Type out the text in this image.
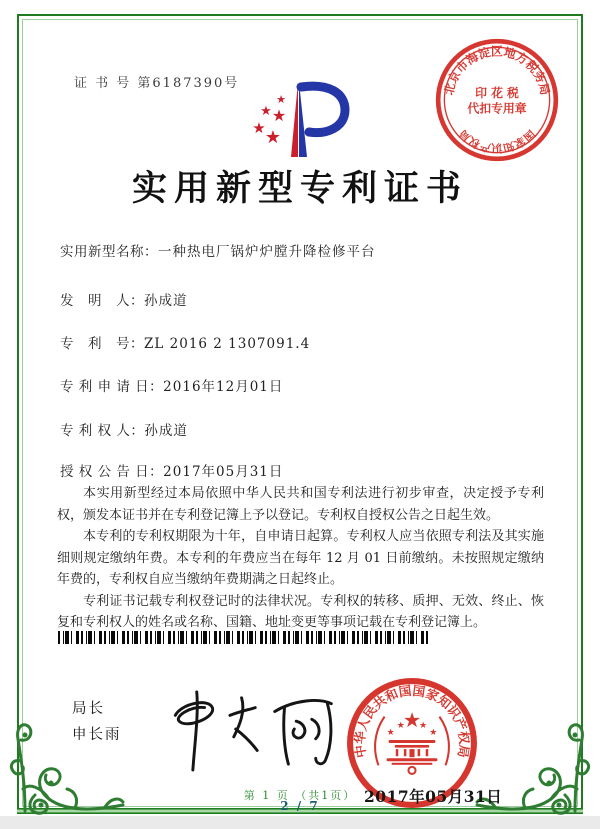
证 书 号 第6187390号
★
★ ★
★ ★
北京市海淀区地方税务局
国家知识产权局
印 花 税
代扣专用章
实用新型专利证书
实用新型名称：一种热电厂锅炉炉膛升降检修平台
发　明　人：孙成道
专　利　号：ZL 2016 2 1307091.4
专 利 申 请 日：2016年12月01日
专 利 权 人：孙成道
授 权 公 告 日：2017年05月31日

本实用新型经过本局依照中华人民共和国专利法进行初步审查，决定授予专利权，颁发本证书并在专利登记簿上予以登记。专利权自授权公告之日起生效。

本专利的专利权期限为十年，自申请日起算。专利权人应当依照专利法及其实施细则规定缴纳年费。本专利的年费应当在每年 12 月 01 日前缴纳。未按照规定缴纳年费的，专利权自应当缴纳年费期满之日起终止。

专利证书记载专利权登记时的法律状况。专利权的转移、质押、无效、终止、恢复和专利权人的姓名或名称、国籍、地址变更等事项记载在专利登记簿上。

局长
申长雨
中华人民共和国国家知识产权局
★
★
★ ★
★
2017年05月31日
第 1 页 （共1页）
2 / 7
